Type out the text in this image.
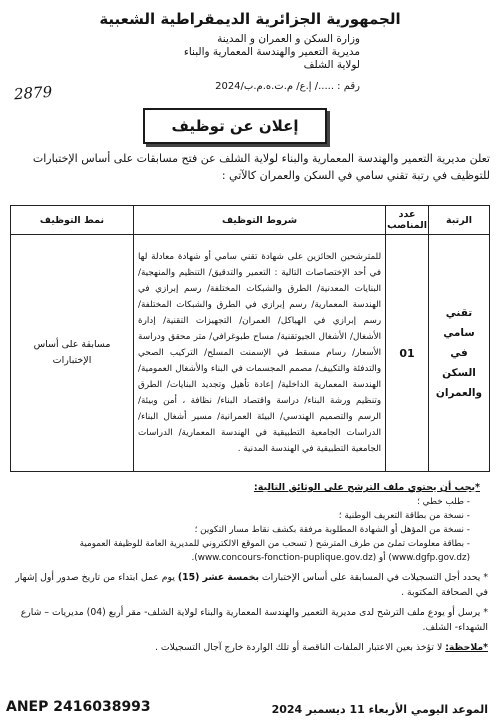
الجمهورية الجزائرية الديمقراطية الشعبية
وزارة السكن و العمران و المدينة
مديرية التعمير والهندسة المعمارية والبناء
لولاية الشلف
رقم : ...../ إ.ع/ م.ت.ه.م.ب/2024
2879
إعلان عن توظيف
تعلن مديرية التعمير والهندسة المعمارية والبناء لولاية الشلف عن فتح مسابقات على أساس الإختبارات للتوظيف في رتبة تقني سامي في السكن والعمران كالآتي :
الرتبة	عدد المناصب	شروط التوظيف	نمط التوظيف
تقني سامي في السكن والعمران	01	للمترشحين الحائزين على شهادة تقني سامي أو شهادة معادلة لها في أحد الإختصاصات التالية : التعمير والتدقيق/ التنظيم والمنهجية/ البنايات المعدنية/ الطرق والشبكات المختلفة/ رسم إبرازي في الهندسة المعمارية/ رسم إبرازي في الطرق والشبكات المختلفة/ رسم إبرازي في الهياكل/ العمران/ التجهيزات التقنية/ إدارة الأشغال/ الأشغال الجيوتقنية/ مساح طبوغرافي/ متر محقق ودراسة الأسعار/ رسام مسقط في الإسمنت المسلح/ التركيب الصحي والتدفئة والتكييف/ مصمم المجسمات في البناء والأشغال العمومية/ الهندسة المعمارية الداخلية/ إعادة تأهيل وتجديد البنايات/ الطرق وتنظيم ورشة البناء/ دراسة واقتصاد البناء/ نظافة ، أمن وبيئة/ الرسم والتصميم الهندسي/ البيئة العمرانية/ مسير أشغال البناء/ الدراسات الجامعية التطبيقية في الهندسة المعمارية/ الدراسات الجامعية التطبيقية في الهندسة المدنية .	مسابقة على أساس الإختبارات
*يجب أن يحتوي ملف الترشح على الوثائق التالية:
- طلب خطي ؛
- نسخة من بطاقة التعريف الوطنية ؛
- نسخة من المؤهل أو الشهادة المطلوبة مرفقة بكشف نقاط مسار التكوين ؛
- بطاقة معلومات تملئ من طرف المترشح ( تسحب من الموقع الالكتروني للمديرية العامة للوظيفة العمومية (www.dgfp.gov.dz) أو (www.concours-fonction-puplique.gov.dz).

* يحدد أجل التسجيلات في المسابقة على أساس الإختبارات بخمسة عشر (15) يوم عمل ابتداء من تاريخ صدور أول إشهار في الصحافة المكتوبة .

* يرسل أو يودع ملف الترشح لدى مديرية التعمير والهندسة المعمارية والبناء لولاية الشلف- مقر أربع (04) مديريات – شارع الشهداء- الشلف.

*ملاحظة: لا تؤخذ بعين الاعتبار الملفات الناقصة أو تلك الواردة خارج آجال التسجيلات .

الموعد اليومي الأربعاء 11 ديسمبر 2024
ANEP 2416038993
